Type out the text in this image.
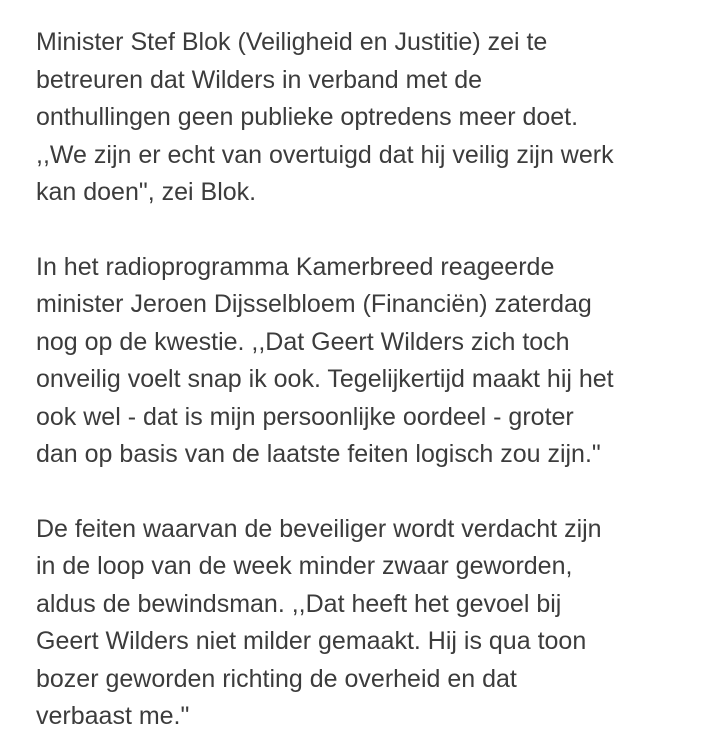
Minister Stef Blok (Veiligheid en Justitie) zei te
betreuren dat Wilders in verband met de
onthullingen geen publieke optredens meer doet.
,,We zijn er echt van overtuigd dat hij veilig zijn werk
kan doen", zei Blok.

In het radioprogramma Kamerbreed reageerde
minister Jeroen Dijsselbloem (Financiën) zaterdag
nog op de kwestie. ,,Dat Geert Wilders zich toch
onveilig voelt snap ik ook. Tegelijkertijd maakt hij het
ook wel - dat is mijn persoonlijke oordeel - groter
dan op basis van de laatste feiten logisch zou zijn."

De feiten waarvan de beveiliger wordt verdacht zijn
in de loop van de week minder zwaar geworden,
aldus de bewindsman. ,,Dat heeft het gevoel bij
Geert Wilders niet milder gemaakt. Hij is qua toon
bozer geworden richting de overheid en dat
verbaast me."
